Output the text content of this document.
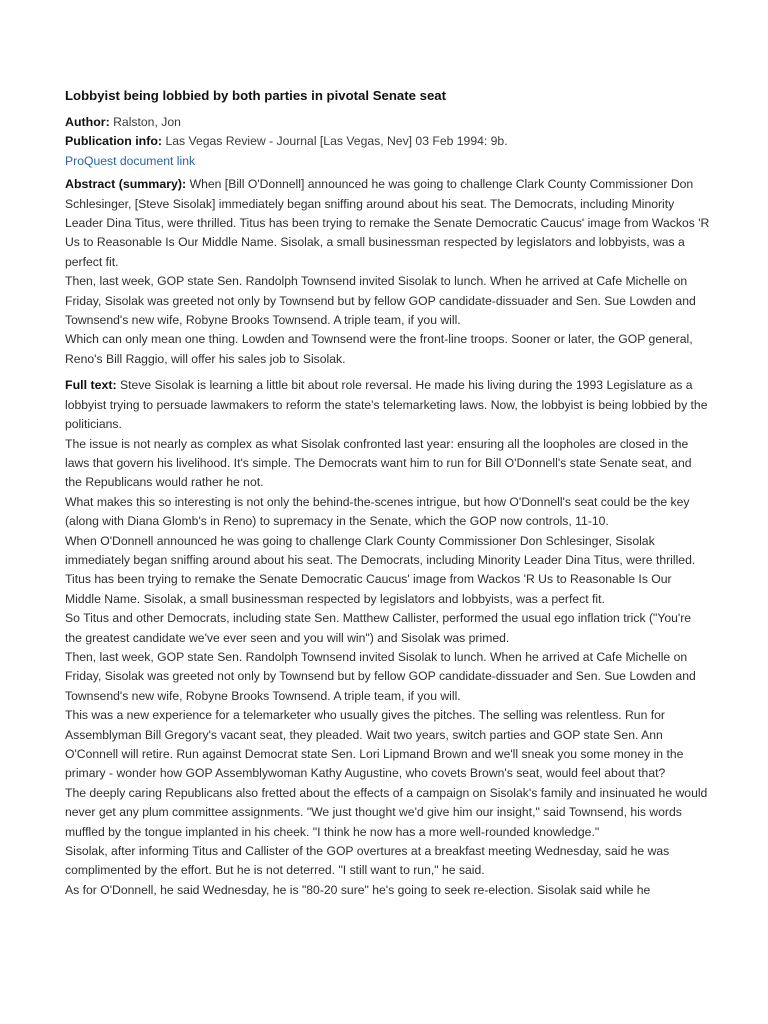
Lobbyist being lobbied by both parties in pivotal Senate seat

Author: Ralston, Jon

Publication info: Las Vegas Review - Journal [Las Vegas, Nev] 03 Feb 1994: 9b.

ProQuest document link

Abstract (summary): When [Bill O'Donnell] announced he was going to challenge Clark County Commissioner Don Schlesinger, [Steve Sisolak] immediately began sniffing around about his seat. The Democrats, including Minority Leader Dina Titus, were thrilled. Titus has been trying to remake the Senate Democratic Caucus' image from Wackos 'R Us to Reasonable Is Our Middle Name. Sisolak, a small businessman respected by legislators and lobbyists, was a perfect fit.

Then, last week, GOP state Sen. Randolph Townsend invited Sisolak to lunch. When he arrived at Cafe Michelle on Friday, Sisolak was greeted not only by Townsend but by fellow GOP candidate-dissuader and Sen. Sue Lowden and Townsend's new wife, Robyne Brooks Townsend. A triple team, if you will.

Which can only mean one thing. Lowden and Townsend were the front-line troops. Sooner or later, the GOP general, Reno's Bill Raggio, will offer his sales job to Sisolak.

Full text: Steve Sisolak is learning a little bit about role reversal. He made his living during the 1993 Legislature as a lobbyist trying to persuade lawmakers to reform the state's telemarketing laws. Now, the lobbyist is being lobbied by the politicians.

The issue is not nearly as complex as what Sisolak confronted last year: ensuring all the loopholes are closed in the laws that govern his livelihood. It's simple. The Democrats want him to run for Bill O'Donnell's state Senate seat, and the Republicans would rather he not.

What makes this so interesting is not only the behind-the-scenes intrigue, but how O'Donnell's seat could be the key (along with Diana Glomb's in Reno) to supremacy in the Senate, which the GOP now controls, 11-10.

When O'Donnell announced he was going to challenge Clark County Commissioner Don Schlesinger, Sisolak immediately began sniffing around about his seat. The Democrats, including Minority Leader Dina Titus, were thrilled. Titus has been trying to remake the Senate Democratic Caucus' image from Wackos 'R Us to Reasonable Is Our Middle Name. Sisolak, a small businessman respected by legislators and lobbyists, was a perfect fit.

So Titus and other Democrats, including state Sen. Matthew Callister, performed the usual ego inflation trick ("You're the greatest candidate we've ever seen and you will win") and Sisolak was primed.

Then, last week, GOP state Sen. Randolph Townsend invited Sisolak to lunch. When he arrived at Cafe Michelle on Friday, Sisolak was greeted not only by Townsend but by fellow GOP candidate-dissuader and Sen. Sue Lowden and Townsend's new wife, Robyne Brooks Townsend. A triple team, if you will.

This was a new experience for a telemarketer who usually gives the pitches. The selling was relentless. Run for Assemblyman Bill Gregory's vacant seat, they pleaded. Wait two years, switch parties and GOP state Sen. Ann O'Connell will retire. Run against Democrat state Sen. Lori Lipmand Brown and we'll sneak you some money in the primary - wonder how GOP Assemblywoman Kathy Augustine, who covets Brown's seat, would feel about that?

The deeply caring Republicans also fretted about the effects of a campaign on Sisolak's family and insinuated he would never get any plum committee assignments. "We just thought we'd give him our insight," said Townsend, his words muffled by the tongue implanted in his cheek. "I think he now has a more well-rounded knowledge."

Sisolak, after informing Titus and Callister of the GOP overtures at a breakfast meeting Wednesday, said he was complimented by the effort. But he is not deterred. "I still want to run," he said.

As for O'Donnell, he said Wednesday, he is "80-20 sure" he's going to seek re-election. Sisolak said while he
